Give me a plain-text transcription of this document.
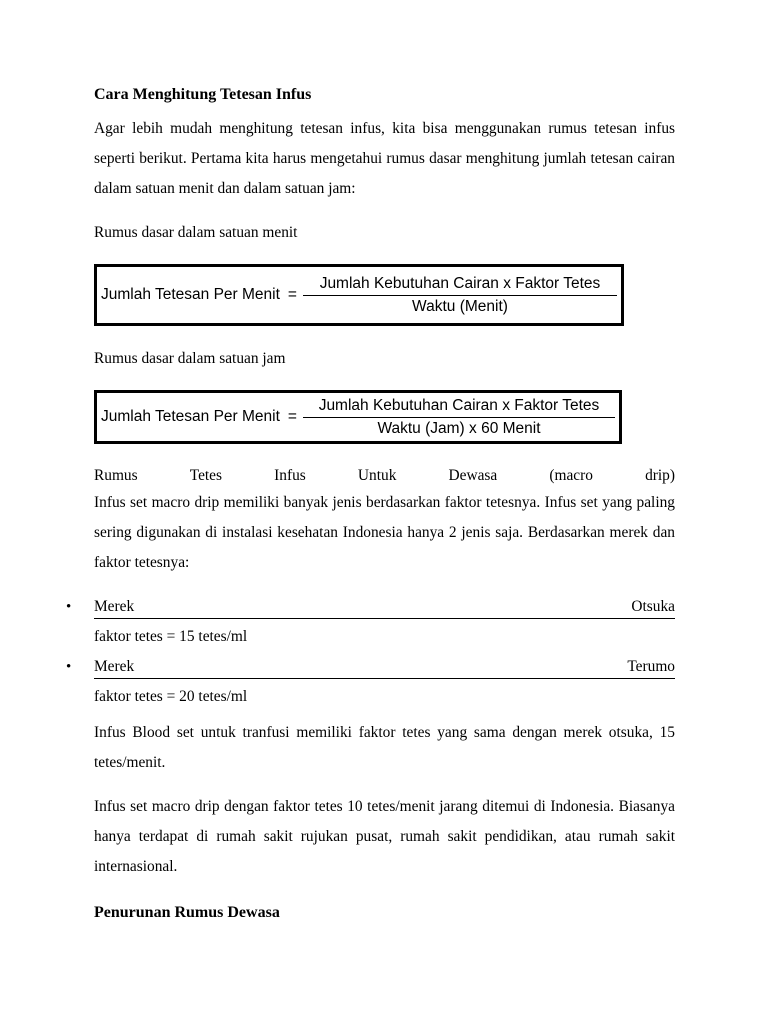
Cara Menghitung Tetesan Infus

Agar lebih mudah menghitung tetesan infus, kita bisa menggunakan rumus tetesan infus seperti berikut. Pertama kita harus mengetahui rumus dasar menghitung jumlah tetesan cairan dalam satuan menit dan dalam satuan jam:

Rumus dasar dalam satuan menit

Jumlah Tetesan Per Menit = $\frac{\text{Jumlah Kebutuhan Cairan x Faktor Tetes}}{\text{Waktu (Menit)}}$

Rumus dasar dalam satuan jam

Jumlah Tetesan Per Menit = $\frac{\text{Jumlah Kebutuhan Cairan x Faktor Tetes}}{\text{Waktu (Jam) x 60 Menit}}$
Rumus	Tetes	Infus	Untuk	Dewasa	(macro	drip)

Infus set macro drip memiliki banyak jenis berdasarkan faktor tetesnya. Infus set yang paling sering digunakan di instalasi kesehatan Indonesia hanya 2 jenis saja. Berdasarkan merek dan faktor tetesnya:

• Merek	Otsuka

faktor tetes = 15 tetes/ml

• Merek	Terumo

faktor tetes = 20 tetes/ml

Infus Blood set untuk tranfusi memiliki faktor tetes yang sama dengan merek otsuka, 15 tetes/menit.

Infus set macro drip dengan faktor tetes 10 tetes/menit jarang ditemui di Indonesia. Biasanya hanya terdapat di rumah sakit rujukan pusat, rumah sakit pendidikan, atau rumah sakit internasional.

Penurunan Rumus Dewasa
